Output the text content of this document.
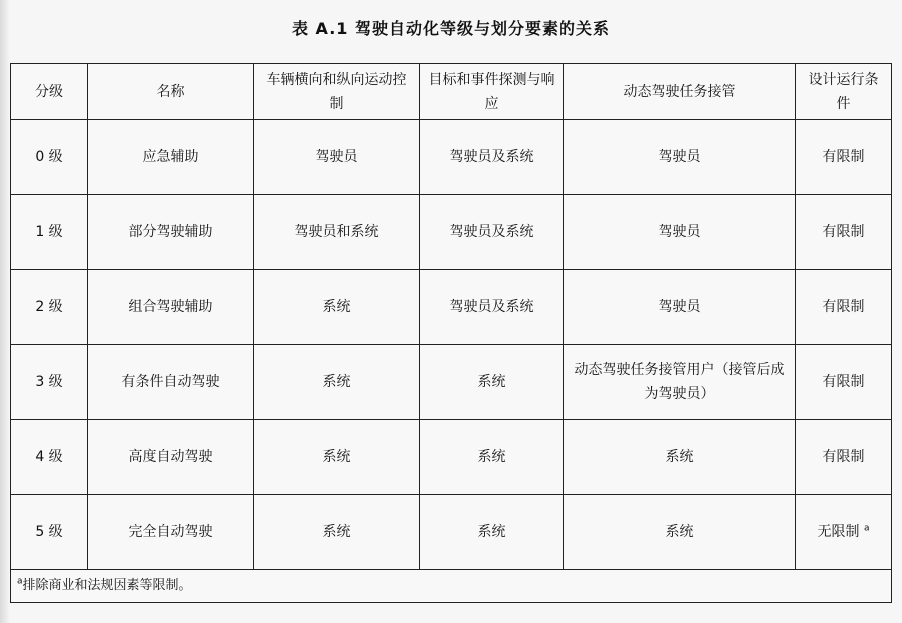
表 A.1 驾驶自动化等级与划分要素的关系
分级	名称	车辆横向和纵向运动控制	目标和事件探测与响应	动态驾驶任务接管	设计运行条件
0 级	应急辅助	驾驶员	驾驶员及系统	驾驶员	有限制
1 级	部分驾驶辅助	驾驶员和系统	驾驶员及系统	驾驶员	有限制
2 级	组合驾驶辅助	系统	驾驶员及系统	驾驶员	有限制
3 级	有条件自动驾驶	系统	系统	动态驾驶任务接管用户（接管后成为驾驶员）	有限制
4 级	高度自动驾驶	系统	系统	系统	有限制
5 级	完全自动驾驶	系统	系统	系统	无限制 $^a$
$^a$排除商业和法规因素等限制。					
